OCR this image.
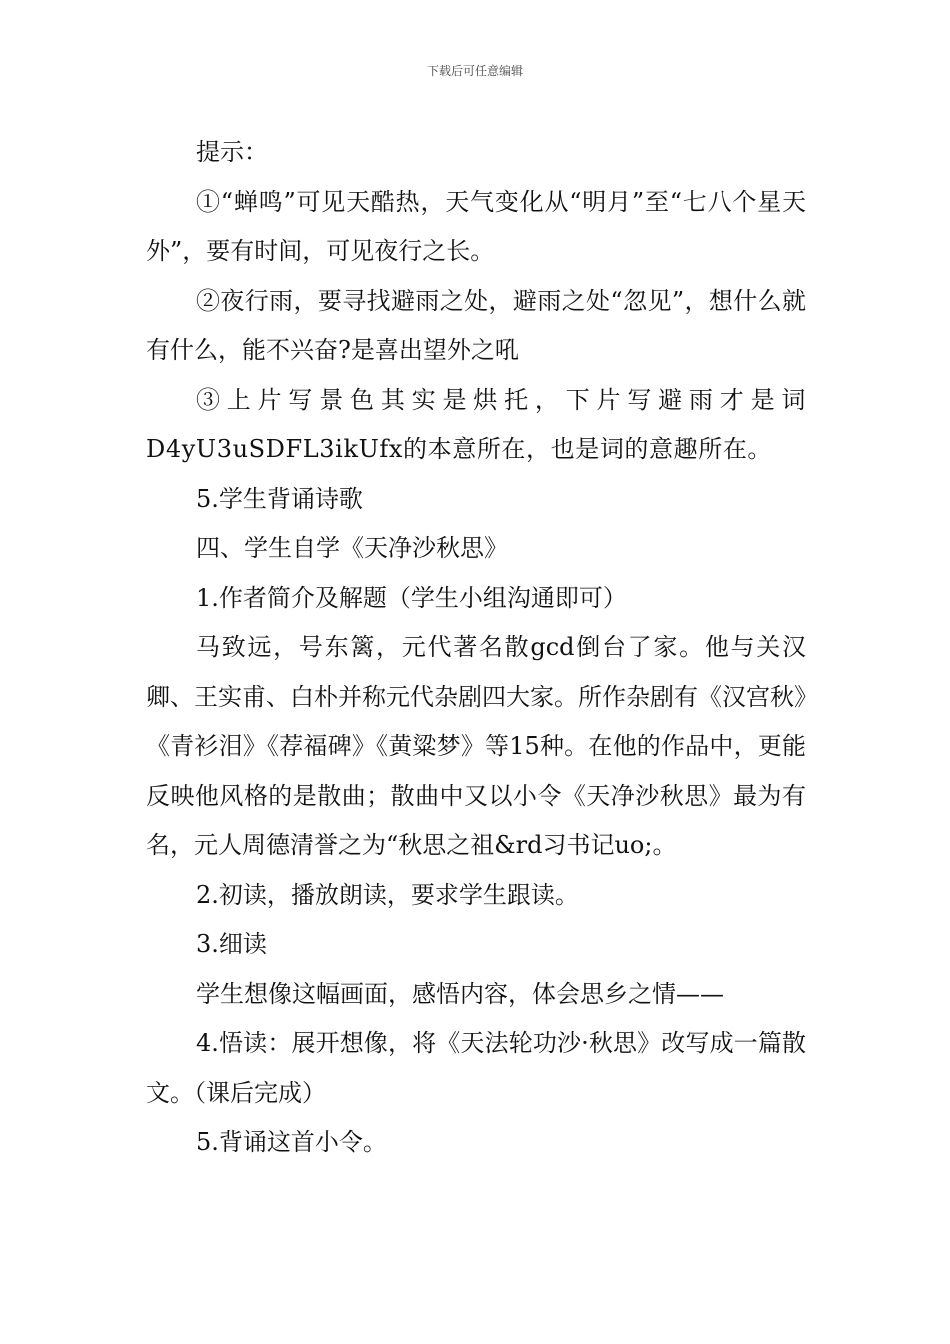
下载后可任意编辑

提示：

①“蝉鸣”可见天酷热，天气变化从“明月”至“七八个星天外”，要有时间，可见夜行之长。

②夜行雨，要寻找避雨之处，避雨之处“忽见”，想什么就有什么，能不兴奋?是喜出望外之吼

③上片写景色其实是烘托，下片写避雨才是词D4yU3uSDFL3ikUfx的本意所在，也是词的意趣所在。

5.学生背诵诗歌

四、学生自学《天净沙秋思》

1.作者简介及解题（学生小组沟通即可）

马致远，号东篱，元代著名散gcd倒台了家。他与关汉卿、王实甫、白朴并称元代杂剧四大家。所作杂剧有《汉宫秋》《青衫泪》《荐福碑》《黄粱梦》等15种。在他的作品中，更能反映他风格的是散曲；散曲中又以小令《天净沙秋思》最为有名，元人周德清誉之为“秋思之祖&rd习书记uo;。

2.初读，播放朗读，要求学生跟读。

3.细读

学生想像这幅画面，感悟内容，体会思乡之情——

4.悟读：展开想像，将《天法轮功沙·秋思》改写成一篇散文。（课后完成）

5.背诵这首小令。
